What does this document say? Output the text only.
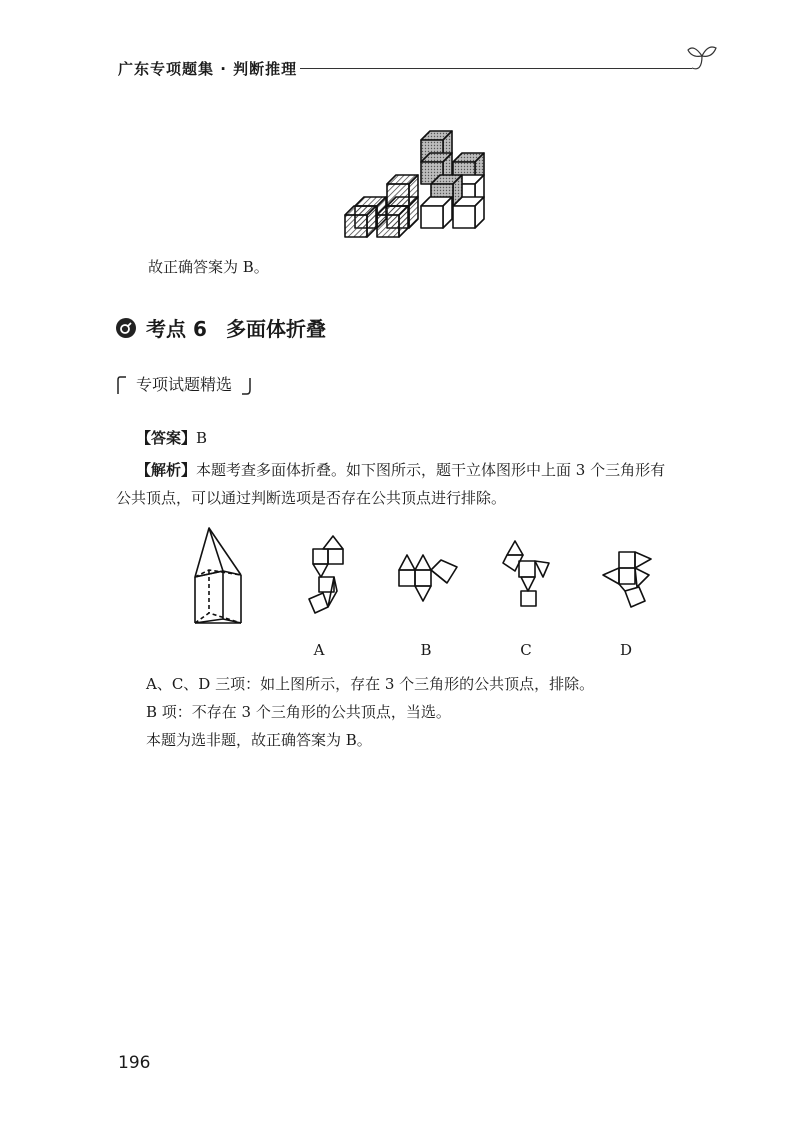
广东专项题集 · 判断推理

故正确答案为 B。

考点 6 多面体折叠
专项试题精选

【答案】B

【解析】本题考查多面体折叠。如下图所示，题干立体图形中上面 3 个三角形有

公共顶点，可以通过判断选项是否存在公共顶点进行排除。

A	B	C	D

A、C、D 三项：如上图所示，存在 3 个三角形的公共顶点，排除。

B 项：不存在 3 个三角形的公共顶点，当选。

本题为选非题，故正确答案为 B。

196
